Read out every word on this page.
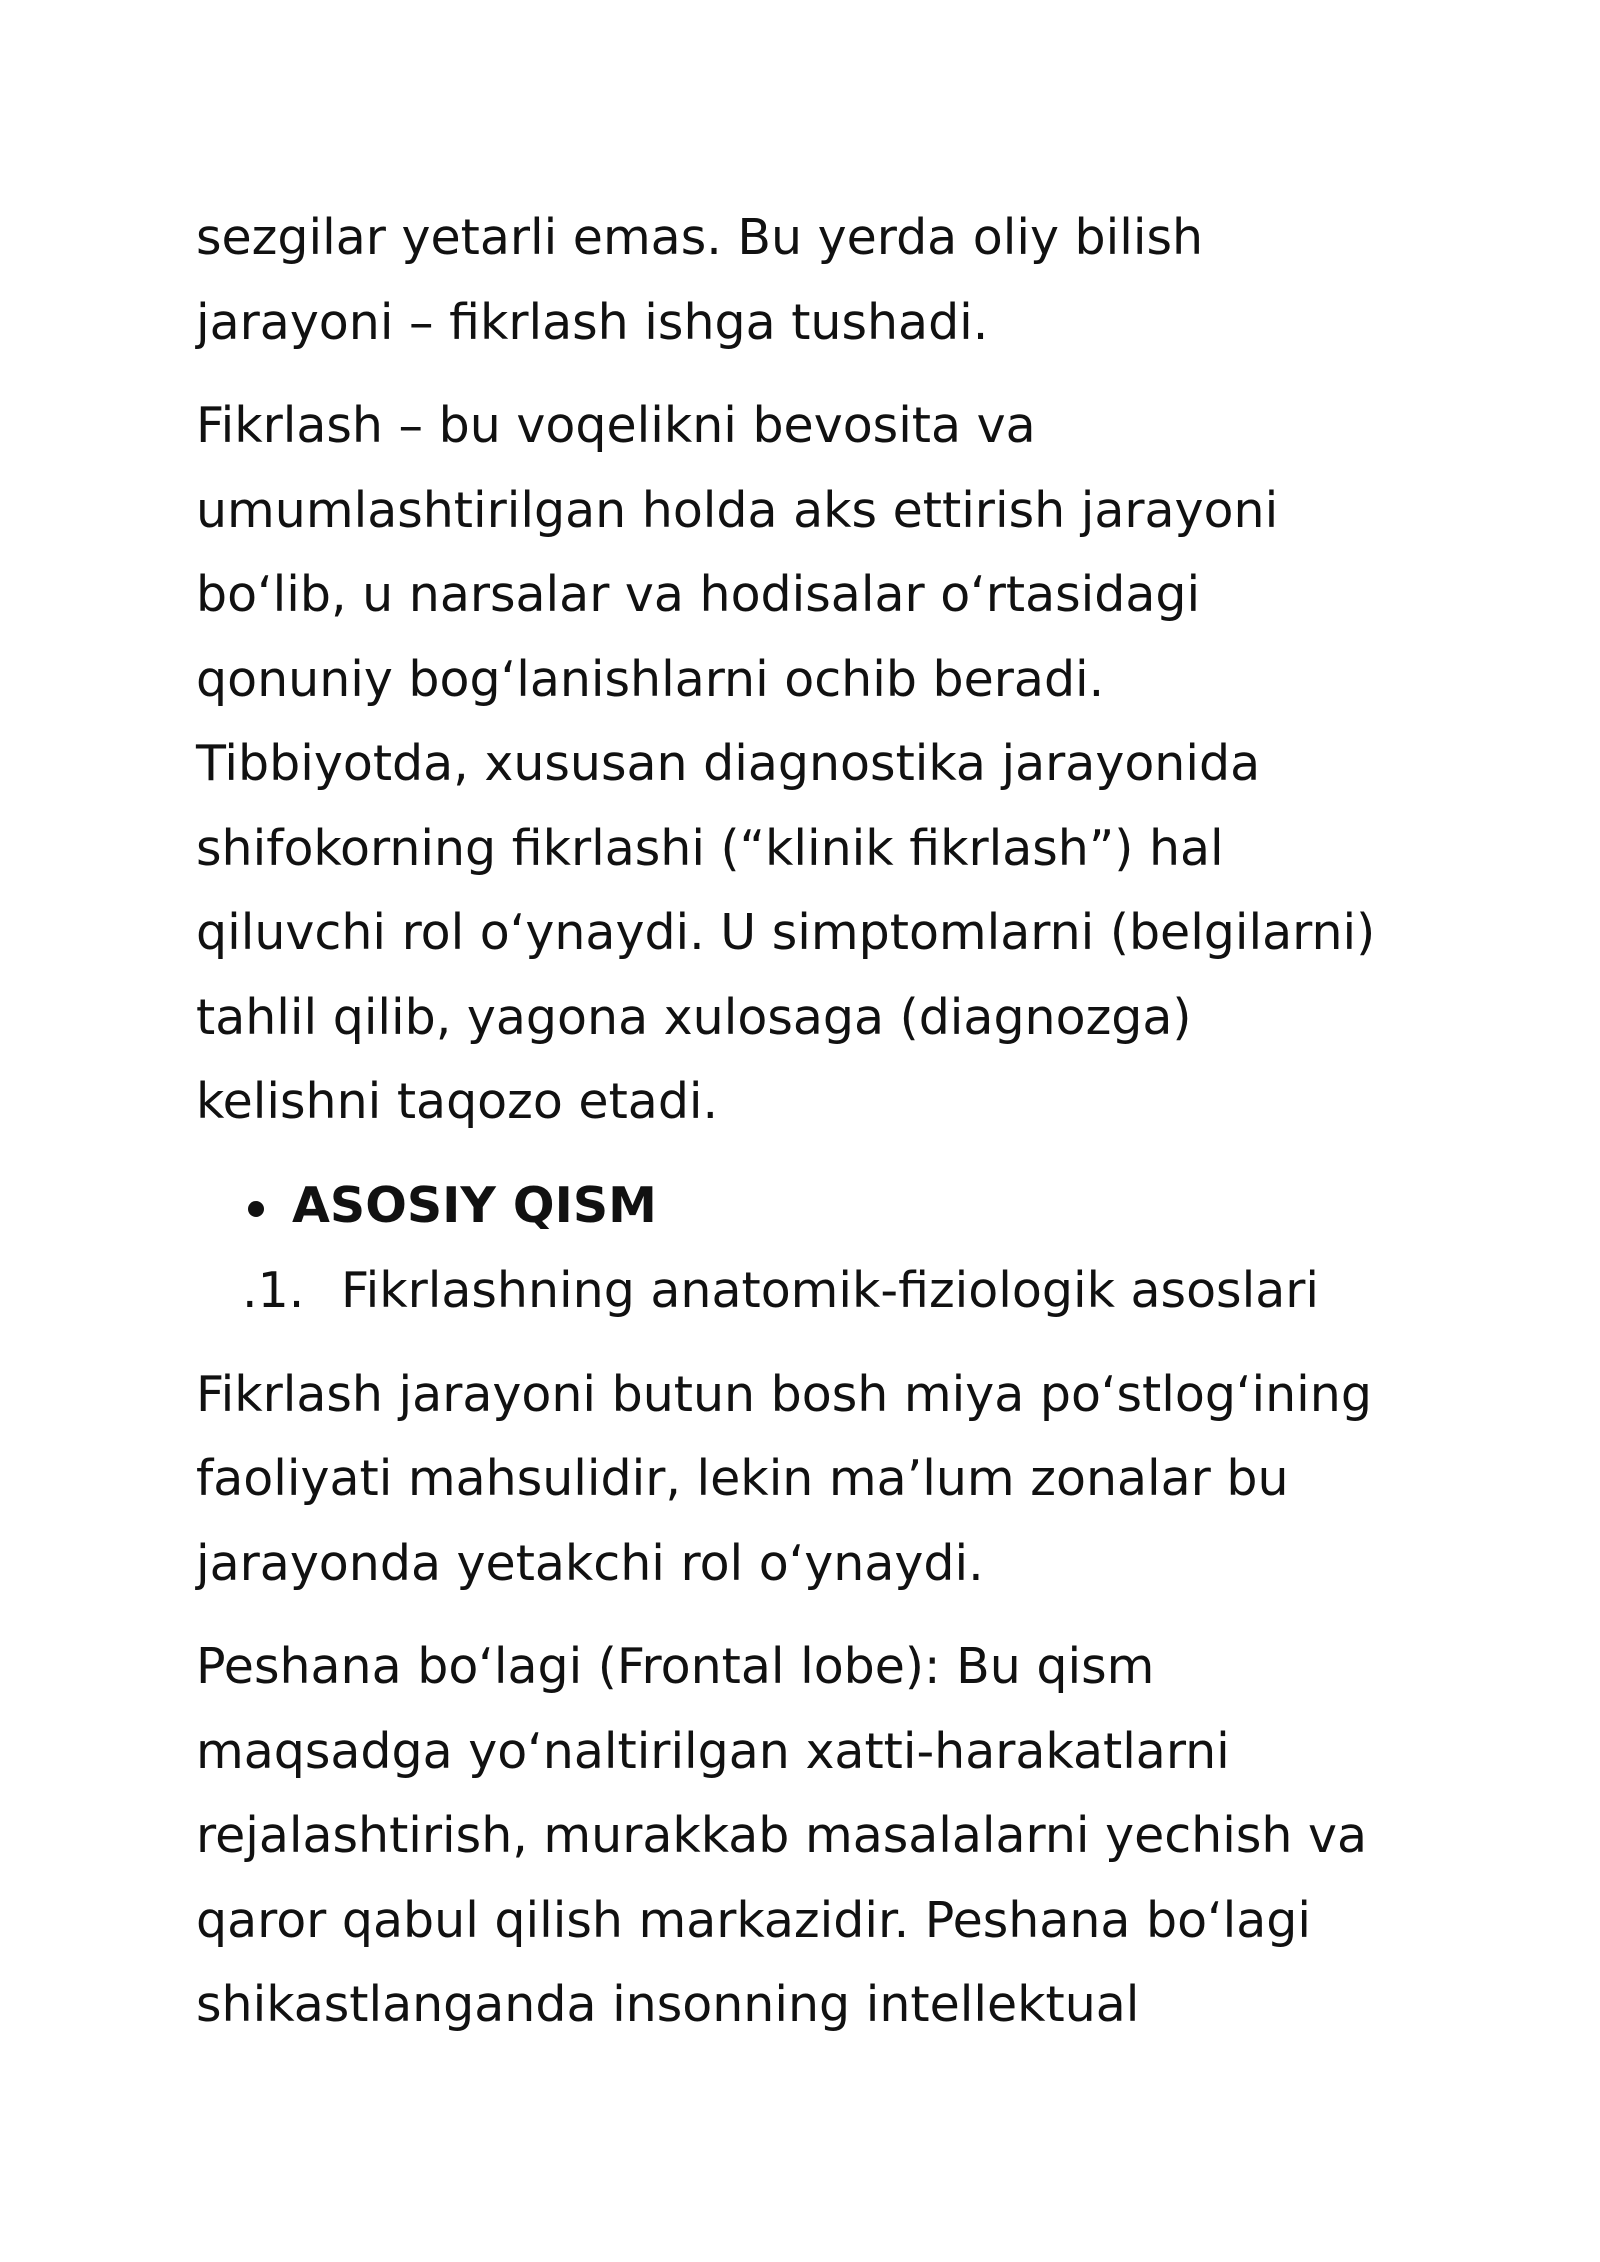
sezgilar yetarli emas. Bu yerda oliy bilish

jarayoni – fikrlash ishga tushadi.

Fikrlash – bu voqelikni bevosita va

umumlashtirilgan holda aks ettirish jarayoni

bo‘lib, u narsalar va hodisalar o‘rtasidagi

qonuniy bog‘lanishlarni ochib beradi.

Tibbiyotda, xususan diagnostika jarayonida

shifokorning fikrlashi (“klinik fikrlash”) hal

qiluvchi rol o‘ynaydi. U simptomlarni (belgilarni)

tahlil qilib, yagona xulosaga (diagnozga)

kelishni taqozo etadi.

ASOSIY QISM
.1. Fikrlashning anatomik-fiziologik asoslari

Fikrlash jarayoni butun bosh miya po‘stlog‘ining

faoliyati mahsulidir, lekin ma’lum zonalar bu

jarayonda yetakchi rol o‘ynaydi.

Peshana bo‘lagi (Frontal lobe): Bu qism

maqsadga yo‘naltirilgan xatti-harakatlarni

rejalashtirish, murakkab masalalarni yechish va

qaror qabul qilish markazidir. Peshana bo‘lagi

shikastlanganda insonning intellektual
